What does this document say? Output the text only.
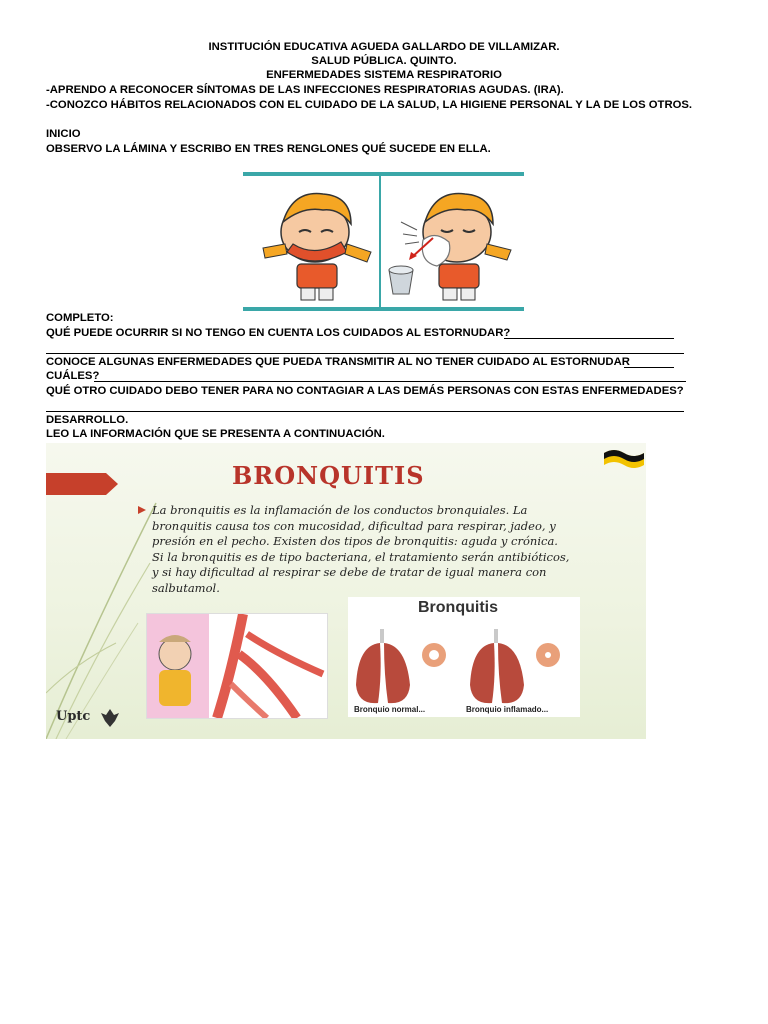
INSTITUCIÓN EDUCATIVA AGUEDA GALLARDO DE VILLAMIZAR.
SALUD PÚBLICA. QUINTO.
ENFERMEDADES SISTEMA RESPIRATORIO
-APRENDO A RECONOCER SÍNTOMAS DE LAS INFECCIONES RESPIRATORIAS AGUDAS. (IRA).
-CONOZCO HÁBITOS RELACIONADOS CON EL CUIDADO DE LA SALUD, LA HIGIENE PERSONAL Y LA DE LOS OTROS.
INICIO
OBSERVO LA LÁMINA Y ESCRIBO EN TRES RENGLONES QUÉ SUCEDE EN ELLA.
COMPLETO:
QUÉ PUEDE OCURRIR SI NO TENGO EN CUENTA LOS CUIDADOS AL ESTORNUDAR?
CONOCE ALGUNAS ENFERMEDADES QUE PUEDA TRANSMITIR AL NO TENER CUIDADO AL ESTORNUDAR
CUÁLES?
QUÉ OTRO CUIDADO DEBO TENER PARA NO CONTAGIAR A LAS DEMÁS PERSONAS CON ESTAS ENFERMEDADES?
DESARROLLO.
LEO LA INFORMACIÓN QUE SE PRESENTA A CONTINUACIÓN.
BRONQUITIS
La bronquitis es la inflamación de los conductos bronquiales. La bronquitis causa tos con mucosidad, dificultad para respirar, jadeo, y presión en el pecho. Existen dos tipos de bronquitis: aguda y crónica. Si la bronquitis es de tipo bacteriana, el tratamiento serán antibióticos, y si hay dificultad al respirar se debe de tratar de igual manera con salbutamol.
Bronquitis
Bronquio normal...	Bronquio inflamado...
Uptc
